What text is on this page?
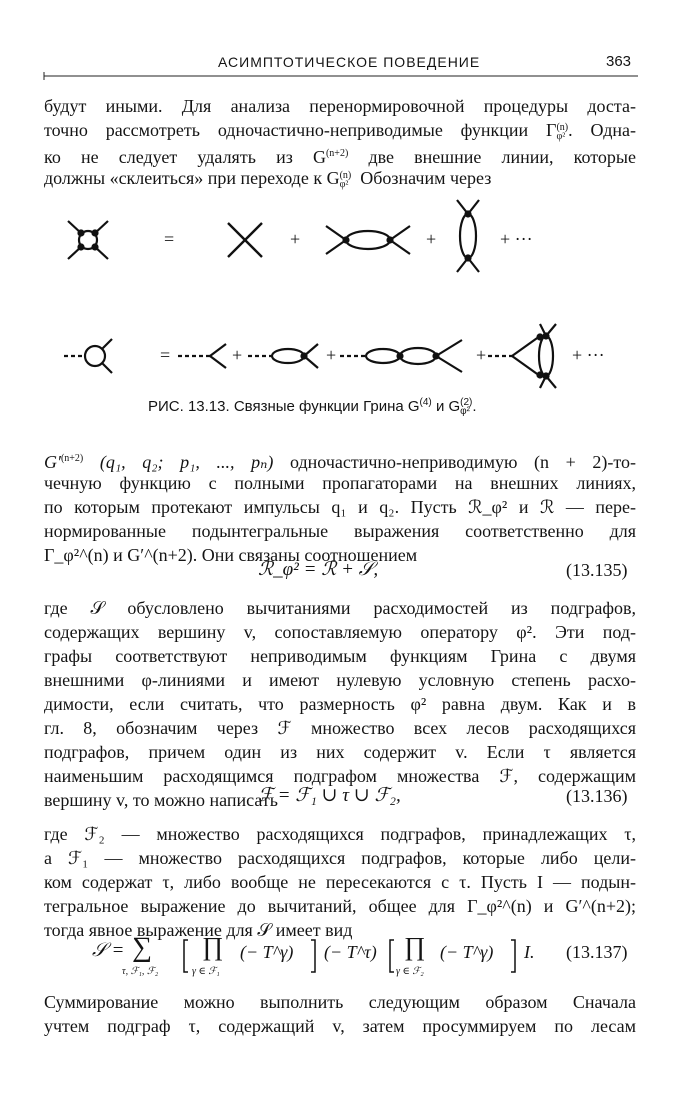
АСИМПТОТИЧЕСКОЕ ПОВЕДЕНИЕ	363
=	+	+	+ ···
=	+	+	+	+ ···
РИС. 13.13. Связные функции Грина $G^{(4)}$ и G (2)
φ² .
будут иными. Для анализа перенормировочной процедуры доста-
точно рассмотреть одночастично-неприводимые функции Γ (n)
φ² . Одна-
ко не следует удалять из $G^{(n+2)}$ две внешние линии, которые
должны «склеиться» при переходе к G (n)
φ² Обозначим через
$G'^{(n+2)}$ (q₁, q₂; p₁, ..., pₙ) одночастично-неприводимую (n + 2)-то-
чечную функцию с полными пропагаторами на внешних линиях,
по которым протекают импульсы q₁ и q₂. Пусть ℛ_φ² и ℛ — пере-
нормированные подынтегральные выражения соответственно для
Γ_φ²^(n) и G′^(n+2). Они связаны соотношением
ℛ_φ² = ℛ + 𝒮,	(13.135)
где 𝒮 обусловлено вычитаниями расходимостей из подграфов,
содержащих вершину v, сопоставляемую оператору φ². Эти под-
графы соответствуют неприводимым функциям Грина с двумя
внешними φ-линиями и имеют нулевую условную степень расхо-
димости, если считать, что размерность φ² равна двум. Как и в
гл. 8, обозначим через ℱ множество всех лесов расходящихся
подграфов, причем один из них содержит v. Если τ является
наименьшим расходящимся подграфом множества ℱ, содержащим
вершину v, то можно написать
ℱ = ℱ₁ ∪ τ ∪ ℱ₂,	(13.136)
где ℱ₂ — множество расходящихся подграфов, принадлежащих τ,
а ℱ₁ — множество расходящихся подграфов, которые либо цели-
ком содержат τ, либо вообще не пересекаются с τ. Пусть I — подын-
тегральное выражение до вычитаний, общее для Γ_φ²^(n) и G′^(n+2);
тогда явное выражение для 𝒮 имеет вид
𝒮 = ∑
τ, ℱ₁, ℱ₂
∏
γ ∈ ℱ₁
(− T^γ) (− T^τ) ∏
γ ∈ ℱ₂
(− T^γ) I. (13.137)
Суммирование можно выполнить следующим образом Сначала
учтем подграф τ, содержащий v, затем просуммируем по лесам
